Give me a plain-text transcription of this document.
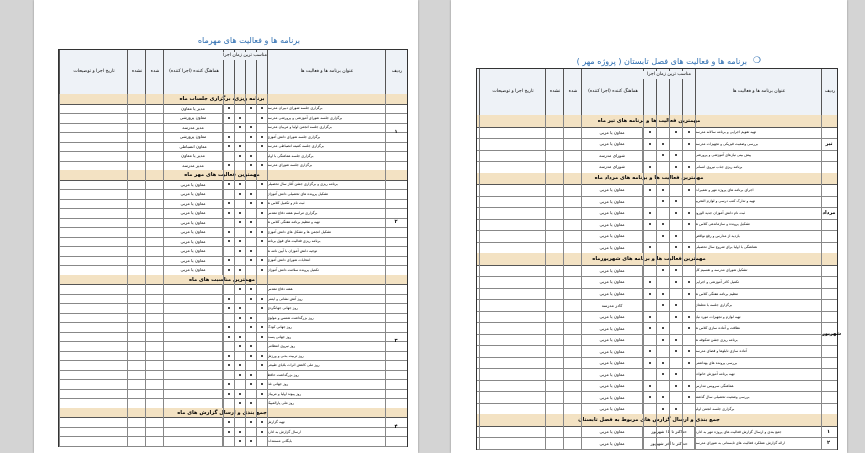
برنامه ها و فعالیت های مهرماه
ردیف
عنوان برنامه ها و فعالیت ها
هماهنگ کننده (اجرا کننده)
شده
نشده
تاریخ اجرا و توضیحات
برنامه ریزی، برگزاری جلسات ماه
برگزاری جلسه شورای دبیران مدرسه
مدیر یا معاون
برگزاری جلسه شورای آموزشی و پرورشی مدرسه
معاون پرورشی
برگزاری جلسه انجمن اولیا و مربیان مدرسه
مدیر مدرسه
برگزاری جلسه شورای دانش آموزی
معاون پرورشی
برگزاری جلسه کمیته انضباطی مدرسه
معاون انضباطی
برگزاری جلسه هماهنگی با اولیا
مدیر یا معاون
برگزاری جلسه شورای مدرسه
مدیر مدرسه
۱
مهمترین فعالیت های مهر ماه
برنامه ریزی و برگزاری جشن آغاز سال تحصیلی
معاون یا مربی
تشکیل پرونده های تحصیلی دانش آموزان
معاون یا مربی
ثبت نام و تکمیل کلاس ها
معاون یا مربی
برگزاری مراسم هفته دفاع مقدس
معاون یا مربی
تهیه و تنظیم برنامه هفتگی کلاس ها
معاون یا مربی
تشکیل انجمن ها و تشکل های دانش آموزی
معاون یا مربی
برنامه ریزی فعالیت های فوق برنامه
معاون یا مربی
توجیه دانش آموزان با آیین نامه ها
معاون یا مربی
انتخابات شورای دانش آموزی
معاون یا مربی
تکمیل پرونده سلامت دانش آموزان
معاون یا مربی
۲
مهمترین مناسبت های ماه
هفته دفاع مقدس
روز آتش نشانی و ایمنی
روز جهانی جهانگردی
روز بزرگداشت شمس و مولوی
روز جهانی کودک
روز جهانی پست
روز نیروی انتظامی
روز تربیت بدنی و ورزش
روز ملی کاهش اثرات بلایای طبیعی
روز بزرگداشت حافظ
روز جهانی غذا
روز پیوند اولیا و مربیان
روز ملی پارالمپیک
۳
جمع بندی و ارسال گزارش های ماه
تهیه گزارش
ارسال گزارش به اداره
بایگانی مستندات
۴
مناسب ترین زمان اجرا
برنامه ها و فعالیت های فصل تابستان ( پروژه مهر ) ❍
ردیف
عنوان برنامه ها و فعالیت ها
هماهنگ کننده (اجرا کننده)
شده
نشده
تاریخ اجرا و توضیحات
مهمترین فعالیت ها و برنامه های تیر ماه
تهیه تقویم اجرایی و برنامه سالانه مدرسه
معاون یا مربی
بررسی وضعیت فیزیکی و تجهیزات مدرسه
معاون یا مربی
پیش بینی نیازهای آموزشی و پرورشی
شورای مدرسه
برنامه ریزی جذب نیروی انسانی
شورای مدرسه
تیر
مهمترین فعالیت ها و برنامه های مرداد ماه
اجرای برنامه های پروژه مهر و تعمیرات
معاون یا مربی
تهیه و تدارک کتب درسی و لوازم التحریر
معاون یا مربی
ثبت نام دانش آموزان جدید الورود
معاون یا مربی
تشکیل پرونده و سازماندهی کلاس ها
معاون یا مربی
بازدید از مدارس و رفع نواقص
معاون یا مربی
هماهنگی با اولیا برای شروع سال تحصیلی
معاون یا مربی
مرداد
مهمترین فعالیت ها و برنامه های شهریورماه
تشکیل شورای مدرسه و تقسیم کار
معاون یا مربی
تکمیل کادر آموزشی و اجرایی
معاون یا مربی
تنظیم برنامه هفتگی کلاس ها
معاون یا مربی
برگزاری جلسه با معلمان
کادر مدرسه
تهیه لوازم و تجهیزات مورد نیاز
معاون یا مربی
نظافت و آماده سازی کلاس ها
معاون یا مربی
برنامه ریزی جشن شکوفه ها
معاون یا مربی
آماده سازی تابلوها و فضای مدرسه
معاون یا مربی
بررسی پرونده های بهداشتی
معاون یا مربی
تهیه برنامه آموزش خانواده
معاون یا مربی
هماهنگی سرویس مدارس
معاون یا مربی
بررسی وضعیت تحصیلی سال گذشته
معاون یا مربی
برگزاری جلسه انجمن اولیا
معاون یا مربی
شهریور
جمع بندی و ارسال گزارش های مربوط به فصل تابستان
جمع بندی و ارسال گزارش فعالیت های پروژه مهر به اداره
معاون یا مربی	۱
حداکثر تا ۱۵ شهریور
ارائه گزارش عملکرد فعالیت های تابستانی به شورای مدرسه
معاون یا مربی	۲
حداکثر تا آخر شهریور
مناسب ترین زمان اجرا
